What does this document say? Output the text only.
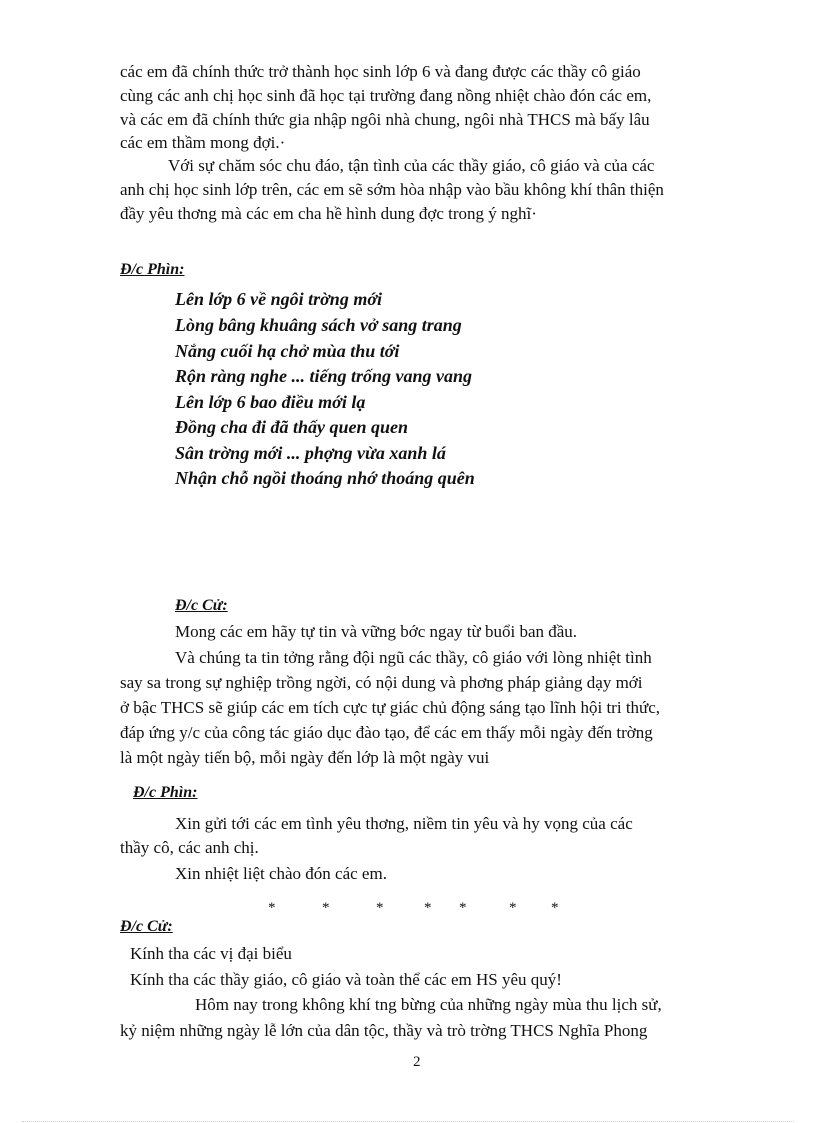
các em đã chính thức trở thành học sinh lớp 6 và đang được các thầy cô giáo
cùng các anh chị học sinh đã học tại trường đang nồng nhiệt chào đón các em,
và các em đã chính thức gia nhập ngôi nhà chung, ngôi nhà THCS mà bấy lâu
các em thầm mong đợi.·
Với sự chăm sóc chu đáo, tận tình của các thầy giáo, cô giáo và của các
anh chị học sinh lớp trên, các em sẽ sớm hòa nhập vào bầu không khí thân thiện
đầy yêu thơng mà các em cha hề hình dung đợc trong ý nghĩ·
Đ/c Phìn:
Lên lớp 6 về ngôi trờng mới
Lòng bâng khuâng sách vở sang trang
Nắng cuối hạ chở mùa thu tới
Rộn ràng nghe ... tiếng trống vang vang
Lên lớp 6 bao điều mới lạ
Đồng cha đi đã thấy quen quen
Sân trờng mới ... phợng vừa xanh lá
Nhận chỗ ngồi thoáng nhớ thoáng quên
Đ/c Cử:
Mong các em hãy tự tin và vững bớc ngay từ buổi ban đầu.
Và chúng ta tin tởng rằng đội ngũ các thầy, cô giáo với lòng nhiệt tình
say sa trong sự nghiệp trồng ngời, có nội dung và phơng pháp giảng dạy mới
ở bậc THCS sẽ giúp các em tích cực tự giác chủ động sáng tạo lĩnh hội tri thức,
đáp ứng y/c của công tác giáo dục đào tạo, để các em thấy mỗi ngày đến trờng
là một ngày tiến bộ, mỗi ngày đến lớp là một ngày vui
Đ/c Phìn:
Xin gửi tới các em tình yêu thơng, niềm tin yêu và hy vọng của các
thầy cô, các anh chị.
Xin nhiệt liệt chào đón các em.
*	*	*	* *	* *
Đ/c Cử:
Kính tha các vị đại biểu
Kính tha các thầy giáo, cô giáo và toàn thể các em HS yêu quý!
Hôm nay trong không khí tng bừng của những ngày mùa thu lịch sử,
kỷ niệm những ngày lễ lớn của dân tộc, thầy và trò trờng THCS Nghĩa Phong
2
